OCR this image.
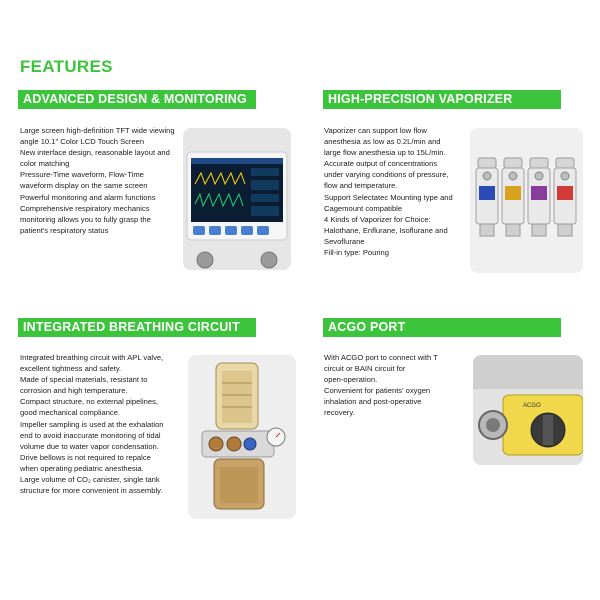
FEATURES
ADVANCED DESIGN & MONITORING
Large screen high-definition TFT wide viewing
angle 10.1" Color LCD Touch Screen
New interface design, reasonable layout and
color matching
Pressure-Time waveform, Flow-Time
waveform display on the same screen
Powerful monitoring and alarm functions
Comprehensive respiratory mechanics
monitoring allows you to fully grasp the
patient's respiratory status
HIGH-PRECISION VAPORIZER
Vaporizer can support low flow
anesthesia as low as 0.2L/min and
large flow anesthesia up to 15L/min.
Accurate output of concentrations
under varying conditions of pressure,
flow and temperature.
Support Selectatec Mounting type and
Cagemount compatible
4 Kinds of Vaporizer for Choice:
Halothane, Enflurane, Isoflurane and
Sevoflurane
Fill-in type: Pouring
INTEGRATED BREATHING CIRCUIT
Integrated breathing circuit with APL valve,
excellent tightness and safety.
Made of special materials, resistant to
corrosion and high temperature.
Compact structure, no external pipelines,
good mechanical compliance.
Impeller sampling is used at the exhalation
end to avoid inaccurate monitoring of tidal
volume due to water vapor condensation.
Drive bellows is not required to repalce
when operating pediatric anesthesia.
Large volume of CO₂ canister, single tank
structure for more convenient in assembly.
ACGO PORT
With ACGO port to connect with T
circuit or BAIN circuit for
open-operation.
Convenient for patients' oxygen
inhalation and post-operative
recovery.
ACGO
